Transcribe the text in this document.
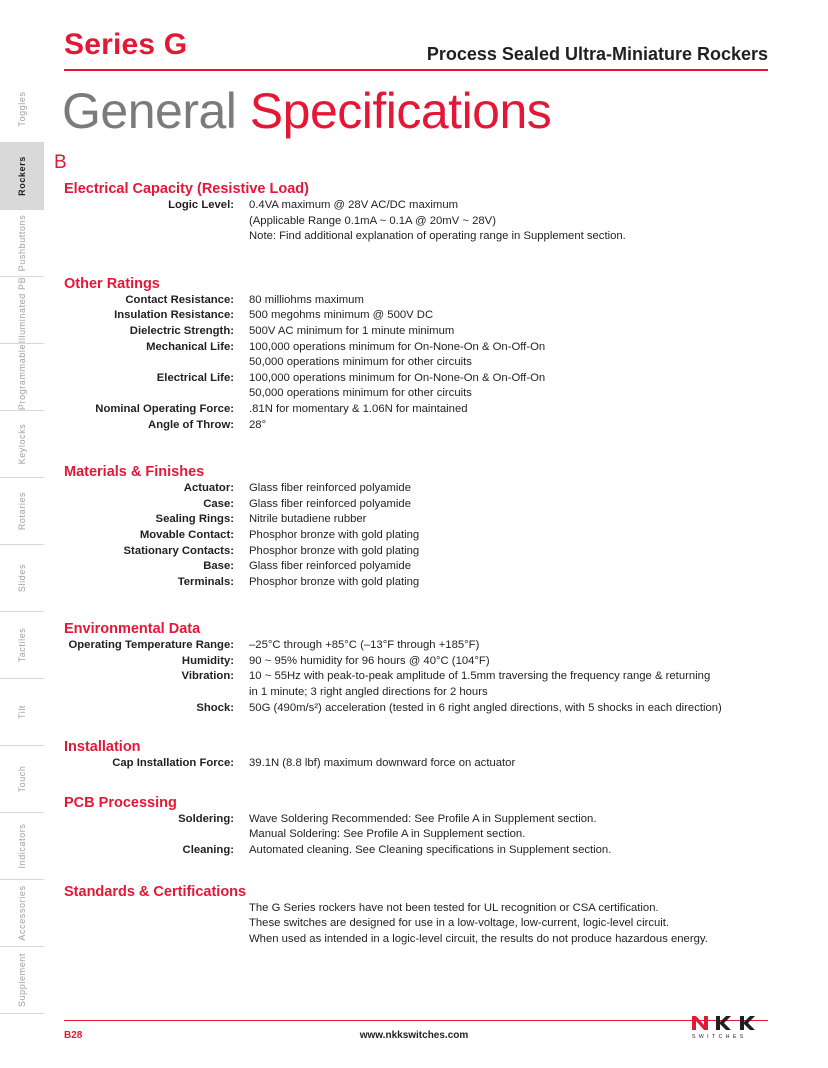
Toggles
Rockers
Pushbuttons
Illuminated PB
Programmable
Keylocks
Rotaries
Slides
Tactiles
Tilt
Touch
Indicators
Accessories
Supplement
B
Series G	Process Sealed Ultra-Miniature Rockers
General Specifications
Electrical Capacity (Resistive Load)
Logic Level:	0.4VA maximum @ 28V AC/DC maximum
(Applicable Range 0.1mA ~ 0.1A @ 20mV ~ 28V)
Note: Find additional explanation of operating range in Supplement section.
Other Ratings
Contact Resistance:	80 milliohms maximum
Insulation Resistance:	500 megohms minimum @ 500V DC
Dielectric Strength:	500V AC minimum for 1 minute minimum
Mechanical Life:	100,000 operations minimum for On-None-On & On-Off-On
50,000 operations minimum for other circuits
Electrical Life:	100,000 operations minimum for On-None-On & On-Off-On
50,000 operations minimum for other circuits
Nominal Operating Force:	.81N for momentary & 1.06N for maintained
Angle of Throw:	28°
Materials & Finishes
Actuator:	Glass fiber reinforced polyamide
Case:	Glass fiber reinforced polyamide
Sealing Rings:	Nitrile butadiene rubber
Movable Contact:	Phosphor bronze with gold plating
Stationary Contacts:	Phosphor bronze with gold plating
Base:	Glass fiber reinforced polyamide
Terminals:	Phosphor bronze with gold plating
Environmental Data
Operating Temperature Range:	–25°C through +85°C (–13°F through +185°F)
Humidity:	90 ~ 95% humidity for 96 hours @ 40°C (104°F)
Vibration:	10 ~ 55Hz with peak-to-peak amplitude of 1.5mm traversing the frequency range & returning
in 1 minute; 3 right angled directions for 2 hours
Shock:	50G (490m/s²) acceleration (tested in 6 right angled directions, with 5 shocks in each direction)
Installation
Cap Installation Force:	39.1N (8.8 lbf) maximum downward force on actuator
PCB Processing
Soldering:	Wave Soldering Recommended: See Profile A in Supplement section.
Manual Soldering: See Profile A in Supplement section.
Cleaning:	Automated cleaning. See Cleaning specifications in Supplement section.
Standards & Certifications
The G Series rockers have not been tested for UL recognition or CSA certification.
These switches are designed for use in a low-voltage, low-current, logic-level circuit.
When used as intended in a logic-level circuit, the results do not produce hazardous energy.
B28	www.nkkswitches.com	SWITCHES
